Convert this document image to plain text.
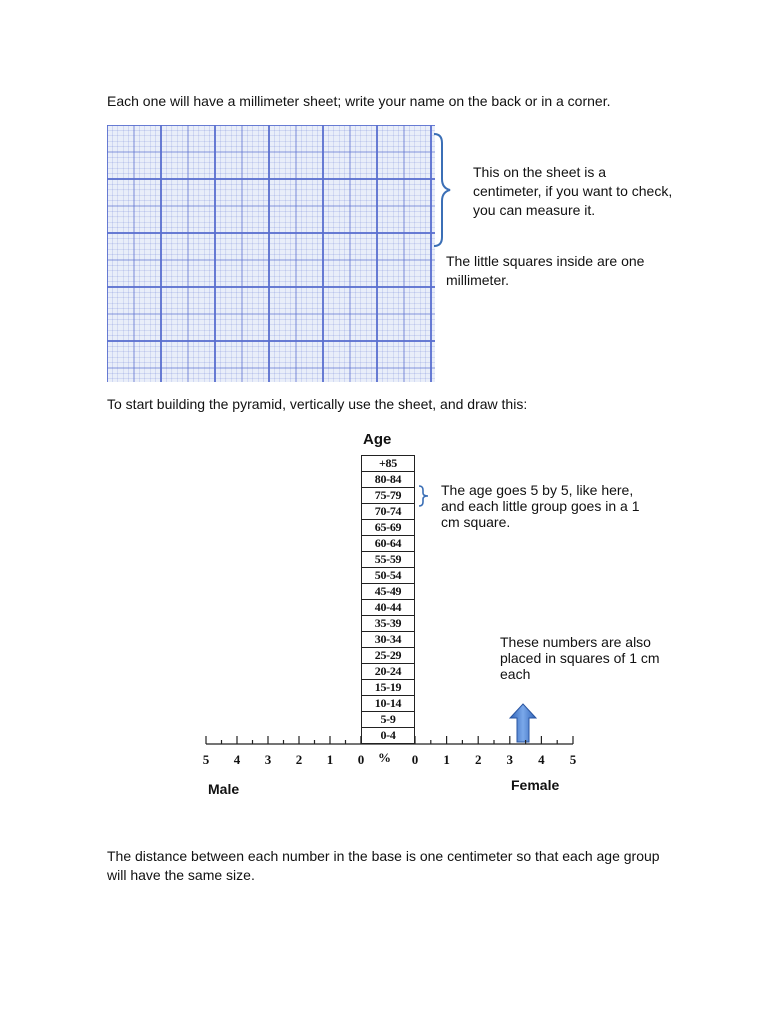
Each one will have a millimeter sheet; write your name on the back or in a corner.

This on the sheet is a centimeter, if you want to check, you can measure it.

The little squares inside are one millimeter.

To start building the pyramid, vertically use the sheet, and draw this:

Age
+85
80-84
75-79
70-74
65-69
60-64
55-59
50-54
45-49
40-44
35-39
30-34
25-29
20-24
15-19
10-14
5-9
0-4

The age goes 5 by 5, like here, and each little group goes in a 1 cm square.

These numbers are also placed in squares of 1 cm each

5 4 3 2 1 0	0 1 2 3 4 5
%
Male	Female

The distance between each number in the base is one centimeter so that each age group will have the same size.
